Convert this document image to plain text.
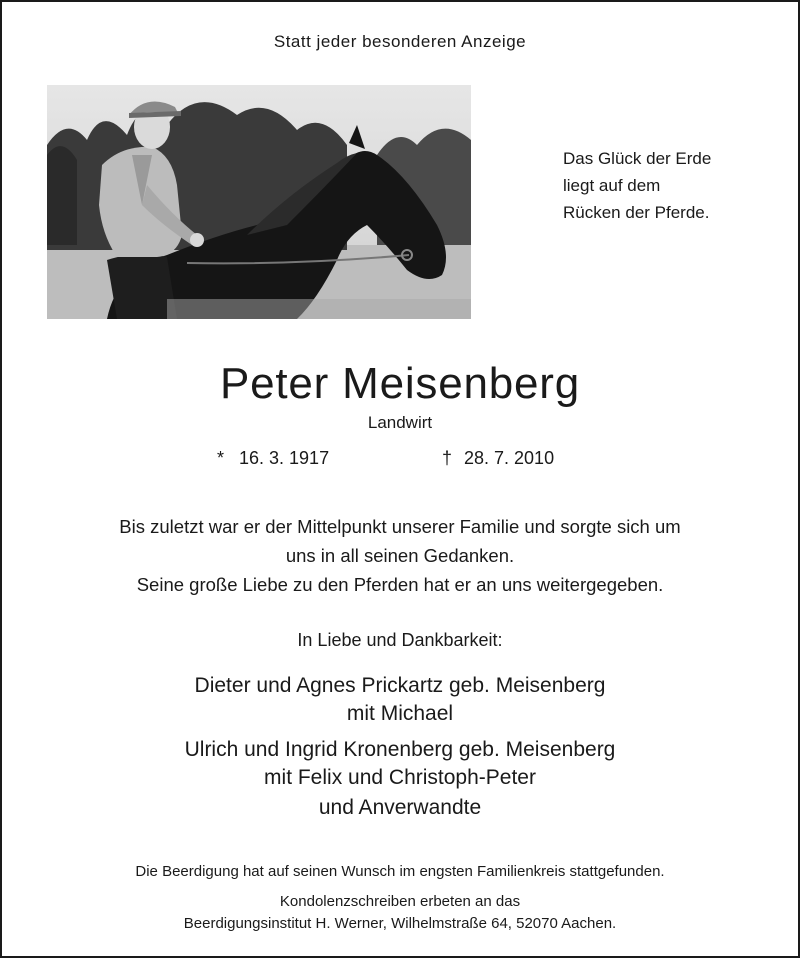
Statt jeder besonderen Anzeige
Das Glück der Erde
liegt auf dem
Rücken der Pferde.
Peter Meisenberg
Landwirt
* 16. 3. 1917	† 28. 7. 2010
Bis zuletzt war er der Mittelpunkt unserer Familie und sorgte sich um
uns in all seinen Gedanken.
Seine große Liebe zu den Pferden hat er an uns weitergegeben.
In Liebe und Dankbarkeit:
Dieter und Agnes Prickartz geb. Meisenberg
mit Michael
Ulrich und Ingrid Kronenberg geb. Meisenberg
mit Felix und Christoph-Peter
und Anverwandte
Die Beerdigung hat auf seinen Wunsch im engsten Familienkreis stattgefunden.
Kondolenzschreiben erbeten an das
Beerdigungsinstitut H. Werner, Wilhelmstraße 64, 52070 Aachen.
